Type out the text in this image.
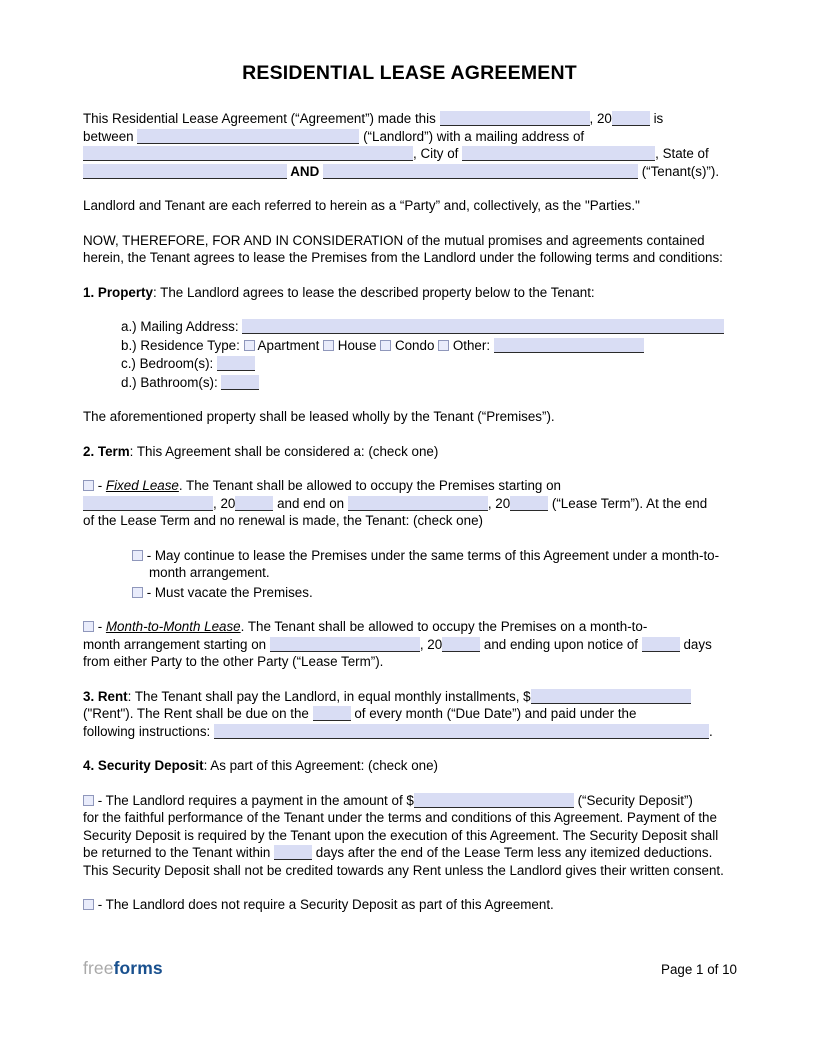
RESIDENTIAL LEASE AGREEMENT
This Residential Lease Agreement (“Agreement”) made this	, 20	is
between	(“Landlord”) with a mailing address of
, City of	, State of
AND	(“Tenant(s)”).
Landlord and Tenant are each referred to herein as a “Party” and, collectively, as the "Parties."
NOW, THEREFORE, FOR AND IN CONSIDERATION of the mutual promises and agreements contained herein, the Tenant agrees to lease the Premises from the Landlord under the following terms and conditions:
1. Property: The Landlord agrees to lease the described property below to the Tenant:
a.) Mailing Address:
b.) Residence Type:  Apartment  House  Condo  Other:
c.) Bedroom(s):
d.) Bathroom(s):
The aforementioned property shall be leased wholly by the Tenant (“Premises”).
2. Term: This Agreement shall be considered a: (check one)
- Fixed Lease. The Tenant shall be allowed to occupy the Premises starting on
, 20	and end on	, 20	(“Lease Term”). At the end
of the Lease Term and no renewal is made, the Tenant: (check one)
- May continue to lease the Premises under the same terms of this Agreement under a month-to-month arrangement.
- Must vacate the Premises.
- Month-to-Month Lease. The Tenant shall be allowed to occupy the Premises on a month-to-
month arrangement starting on	, 20	and ending upon notice of	days
from either Party to the other Party (“Lease Term”).
3. Rent: The Tenant shall pay the Landlord, in equal monthly installments, $
("Rent"). The Rent shall be due on the	of every month (“Due Date”) and paid under the
following instructions:	.
4. Security Deposit: As part of this Agreement: (check one)
- The Landlord requires a payment in the amount of $	(“Security Deposit”)
for the faithful performance of the Tenant under the terms and conditions of this Agreement. Payment of the Security Deposit is required by the Tenant upon the execution of this Agreement. The Security Deposit shall be returned to the Tenant within	days after the end of the Lease Term less any itemized deductions. This Security Deposit shall not be credited towards any Rent unless the Landlord gives their written consent.
- The Landlord does not require a Security Deposit as part of this Agreement.
freeforms	Page 1 of 10
